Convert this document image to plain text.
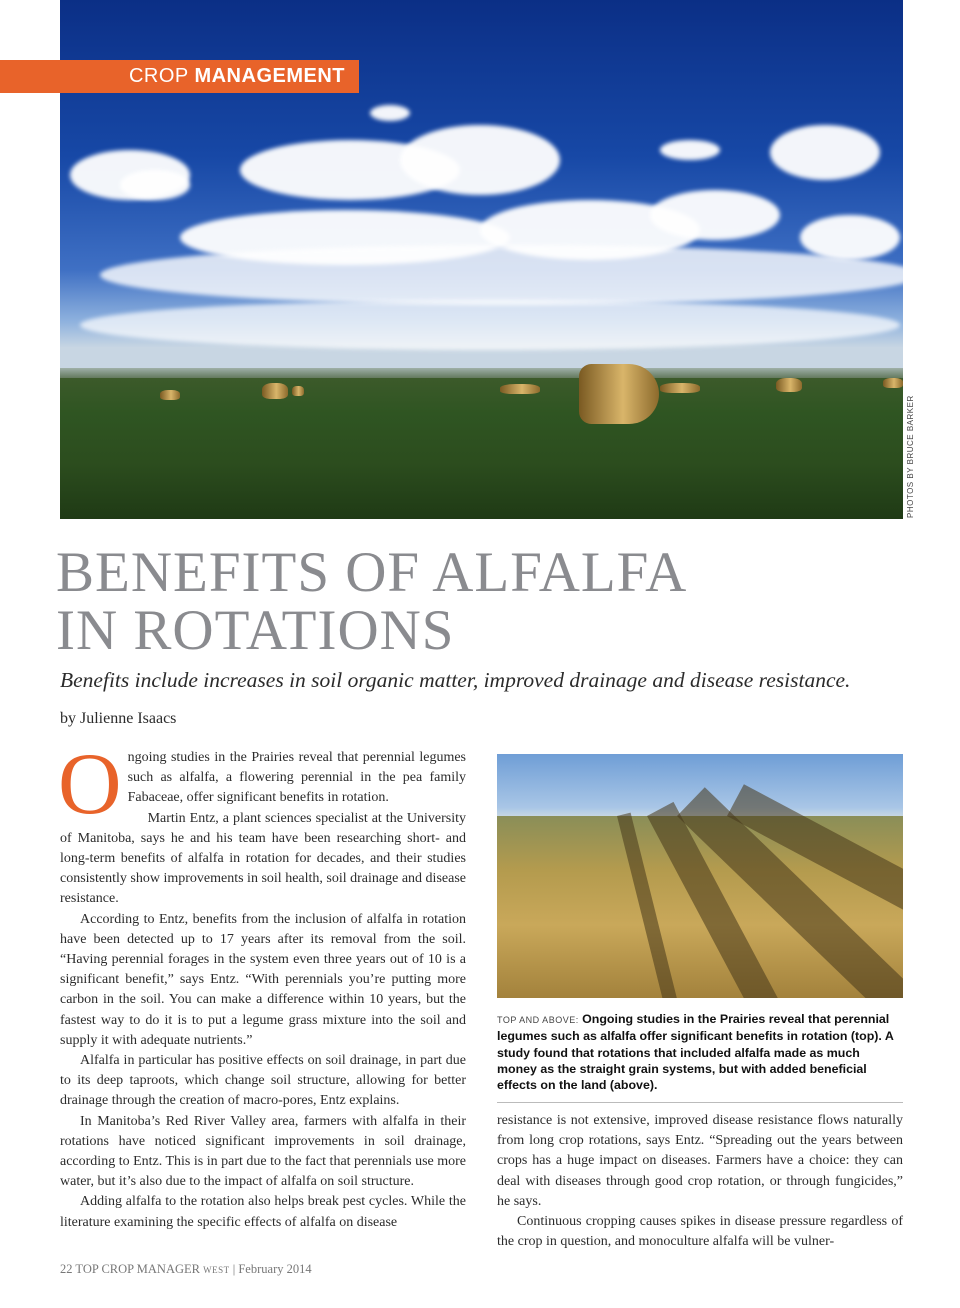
CROP MANAGEMENT
PHOTOS BY BRUCE BARKER
BENEFITS OF ALFALFA
IN ROTATIONS

Benefits include increases in soil organic matter, improved drainage and disease resistance.

by Julienne Isaacs

Ongoing studies in the Prairies reveal that perennial legumes such as alfalfa, a flowering perennial in the pea family Fabaceae, offer significant benefits in rotation.

Martin Entz, a plant sciences specialist at the University of Manitoba, says he and his team have been researching short- and long-term benefits of alfalfa in rotation for decades, and their studies consistently show improvements in soil health, soil drainage and disease resistance.

According to Entz, benefits from the inclusion of alfalfa in rotation have been detected up to 17 years after its removal from the soil. “Having perennial forages in the system even three years out of 10 is a significant benefit,” says Entz. “With perennials you’re putting more carbon in the soil. You can make a difference within 10 years, but the fastest way to do it is to put a legume grass mixture into the soil and supply it with adequate nutrients.”

Alfalfa in particular has positive effects on soil drainage, in part due to its deep taproots, which change soil structure, allowing for better drainage through the creation of macro-pores, Entz explains.

In Manitoba’s Red River Valley area, farmers with alfalfa in their rotations have noticed significant improvements in soil drainage, according to Entz. This is in part due to the fact that perennials use more water, but it’s also due to the impact of alfalfa on soil structure.

Adding alfalfa to the rotation also helps break pest cycles. While the literature examining the specific effects of alfalfa on disease

TOP AND ABOVE: Ongoing studies in the Prairies reveal that perennial legumes such as alfalfa offer significant benefits in rotation (top). A study found that rotations that included alfalfa made as much money as the straight grain systems, but with added beneficial effects on the land (above).

resistance is not extensive, improved disease resistance flows naturally from long crop rotations, says Entz. “Spreading out the years between crops has a huge impact on diseases. Farmers have a choice: they can deal with diseases through good crop rotation, or through fungicides,” he says.

Continuous cropping causes spikes in disease pressure regardless of the crop in question, and monoculture alfalfa will be vulner-

22 TOP CROP MANAGER WEST | February 2014
